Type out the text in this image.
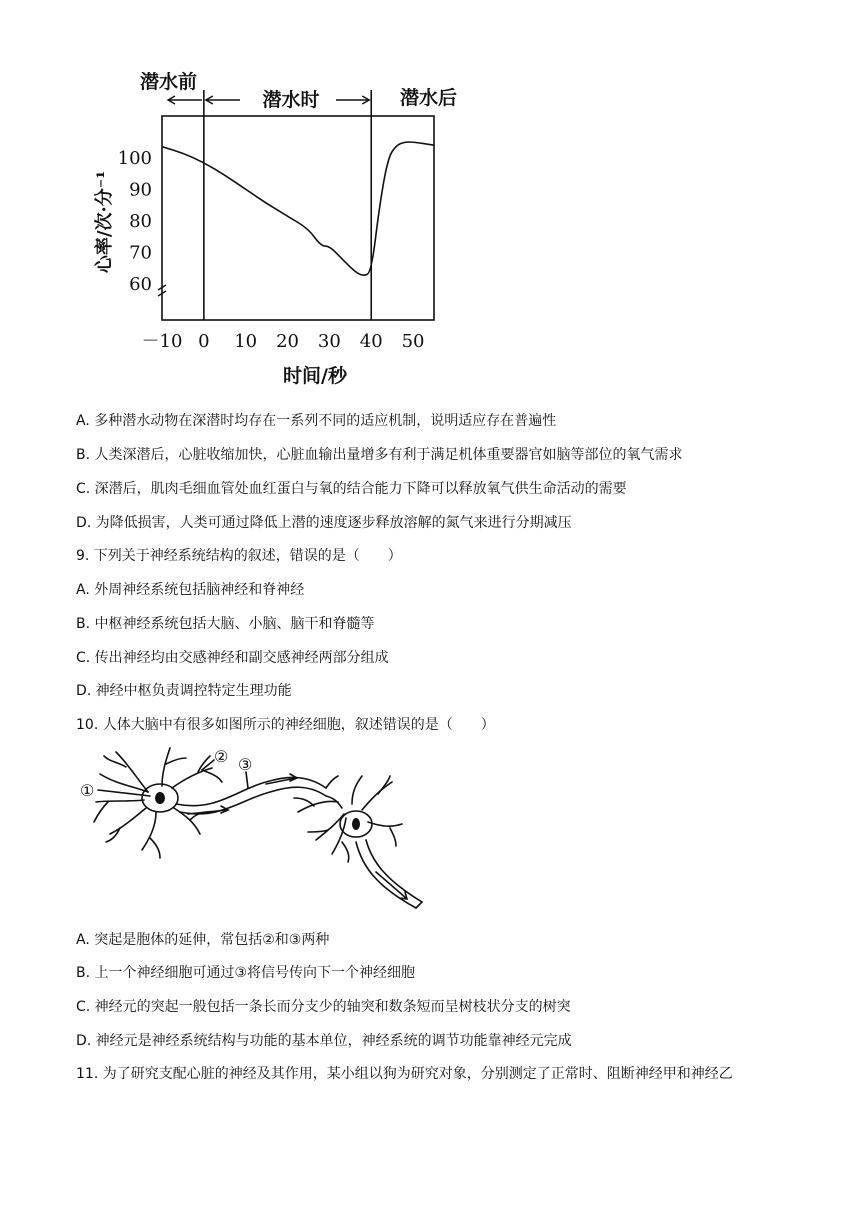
潜水前
潜水时	潜水后
－10 0 10 20 30 40 50
100
90
80
70
60
心率/次·分⁻¹
时间/秒
A. 多种潜水动物在深潜时均存在一系列不同的适应机制，说明适应存在普遍性
B. 人类深潜后，心脏收缩加快，心脏血输出量增多有利于满足机体重要器官如脑等部位的氧气需求
C. 深潜后，肌肉毛细血管处血红蛋白与氧的结合能力下降可以释放氧气供生命活动的需要
D. 为降低损害，人类可通过降低上潜的速度逐步释放溶解的氮气来进行分期减压
9. 下列关于神经系统结构的叙述，错误的是（　　）
A. 外周神经系统包括脑神经和脊神经
B. 中枢神经系统包括大脑、小脑、脑干和脊髓等
C. 传出神经均由交感神经和副交感神经两部分组成
D. 神经中枢负责调控特定生理功能
10. 人体大脑中有很多如图所示的神经细胞，叙述错误的是（　　）
①
② ③
A. 突起是胞体的延伸，常包括②和③两种
B. 上一个神经细胞可通过③将信号传向下一个神经细胞
C. 神经元的突起一般包括一条长而分支少的轴突和数条短而呈树枝状分支的树突
D. 神经元是神经系统结构与功能的基本单位，神经系统的调节功能靠神经元完成
11. 为了研究支配心脏的神经及其作用，某小组以狗为研究对象，分别测定了正常时、阻断神经甲和神经乙
